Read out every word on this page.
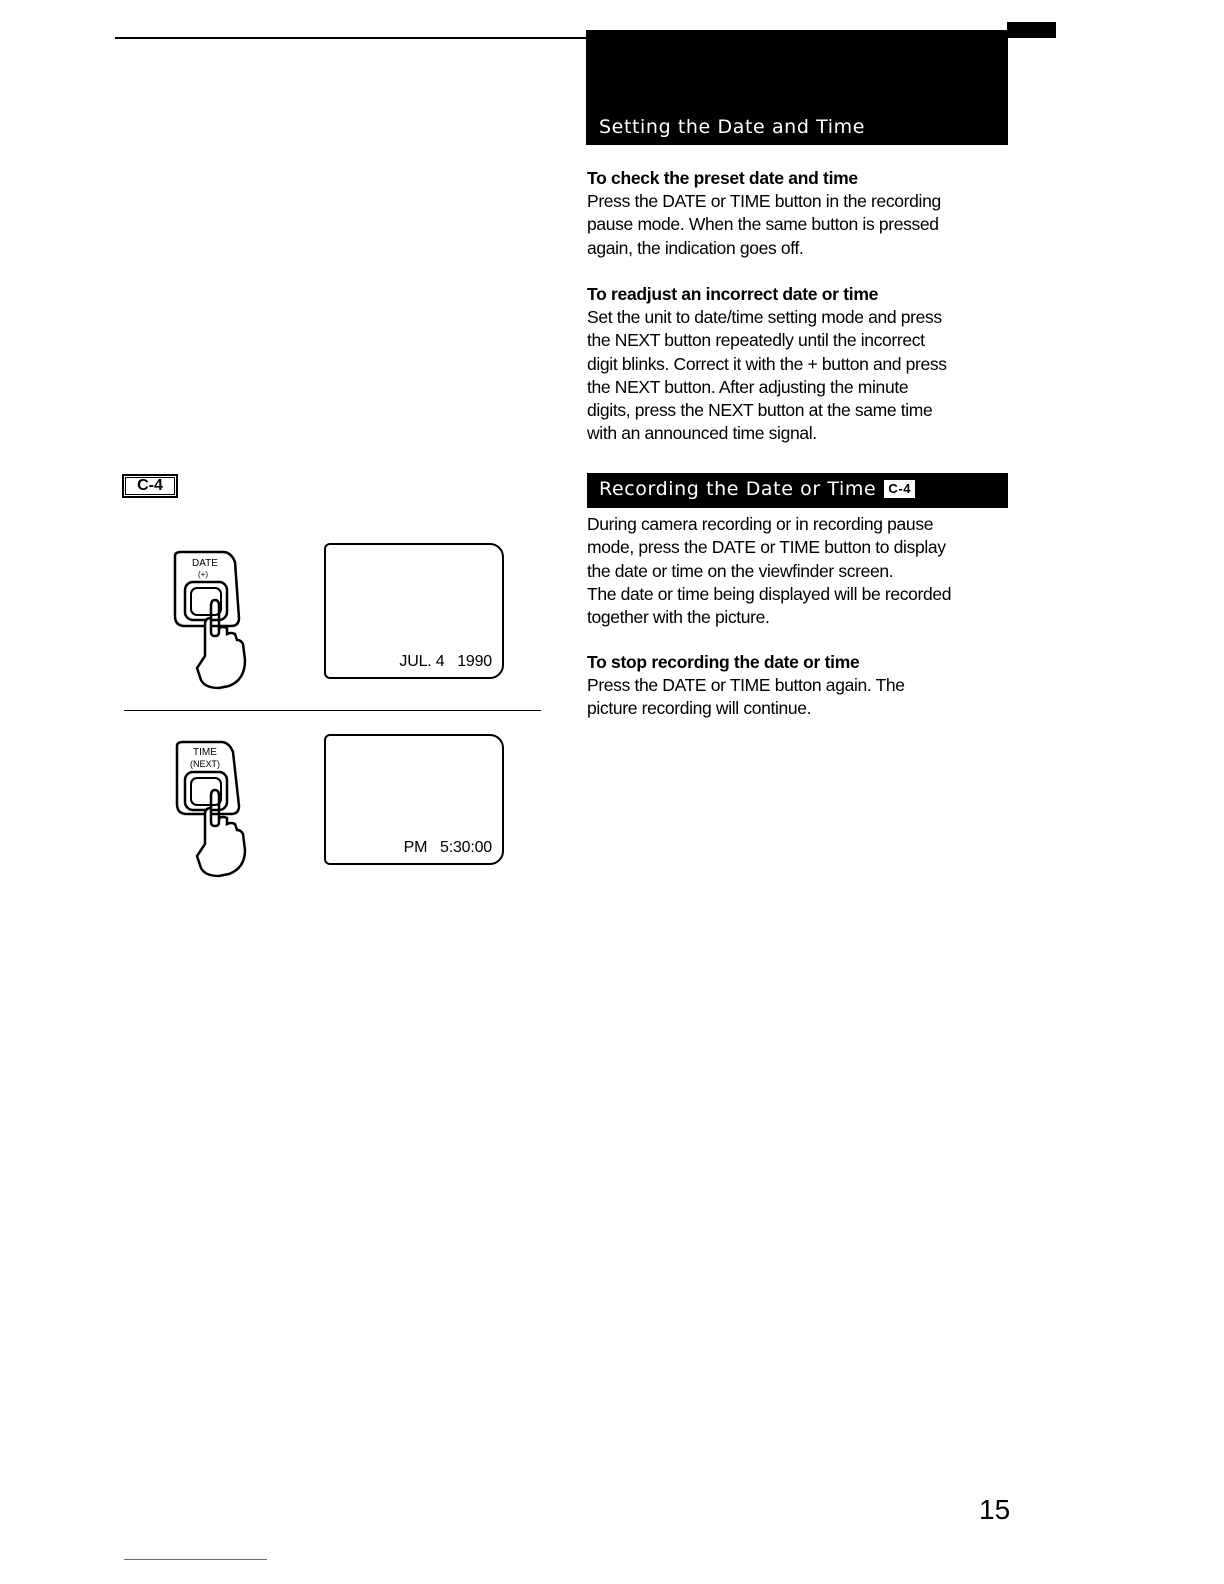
Setting the Date and Time
To check the preset date and time

Press the DATE or TIME button in the recording
pause mode. When the same button is pressed
again, the indication goes off.

To readjust an incorrect date or time

Set the unit to date/time setting mode and press
the NEXT button repeatedly until the incorrect
digit blinks. Correct it with the + button and press
the NEXT button. After adjusting the minute
digits, press the NEXT button at the same time
with an announced time signal.

Recording the Date or Time C-4

During camera recording or in recording pause
mode, press the DATE or TIME button to display
the date or time on the viewfinder screen.
The date or time being displayed will be recorded
together with the picture.

To stop recording the date or time

Press the DATE or TIME button again. The
picture recording will continue.

C-4
DATE
(+)
JUL. 4   1990
TIME
(NEXT)
PM   5:30:00
15
